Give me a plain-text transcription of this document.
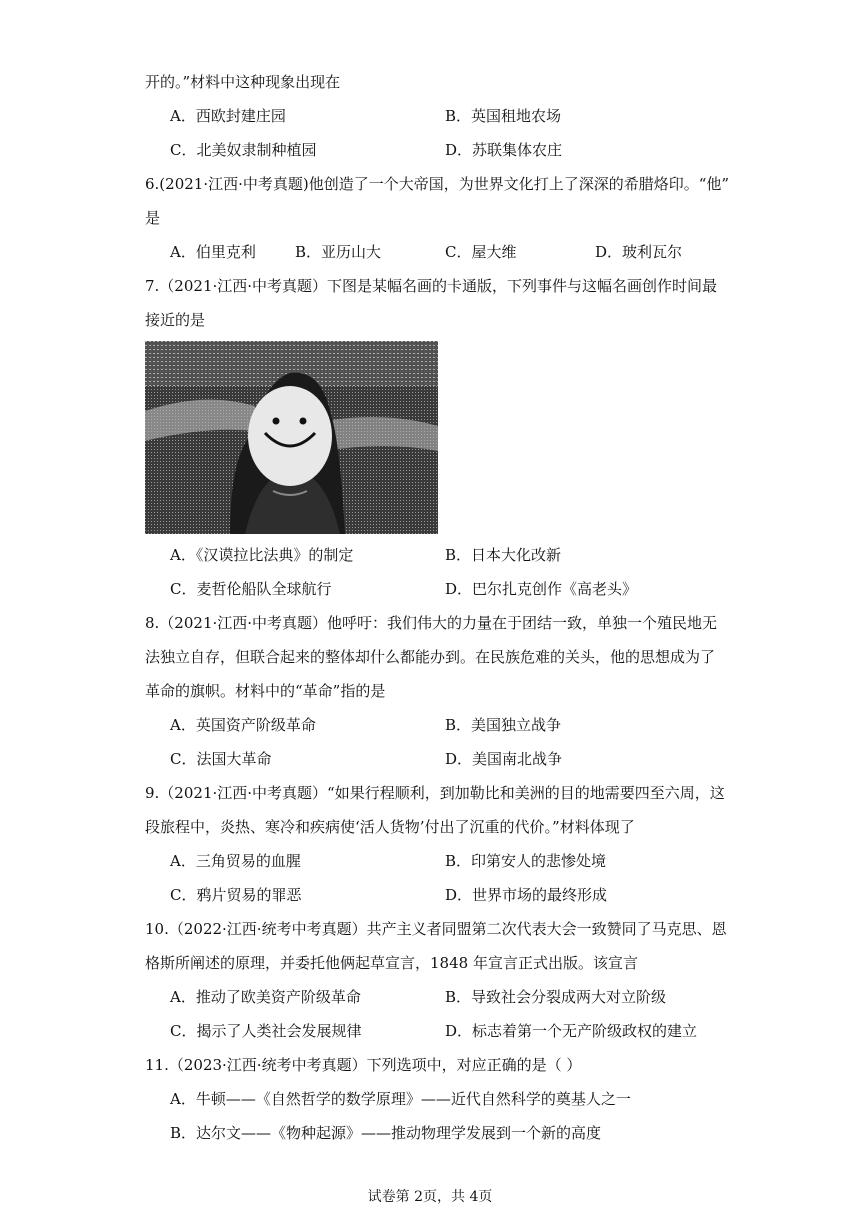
开的。”材料中这种现象出现在
A．西欧封建庄园	B．英国租地农场
C．北美奴隶制种植园	D．苏联集体农庄
6.(2021·江西·中考真题)他创造了一个大帝国，为世界文化打上了深深的希腊烙印。“他”
是
A．伯里克利	B．亚历山大	C．屋大维	D．玻利瓦尔
7.（2021·江西·中考真题）下图是某幅名画的卡通版，下列事件与这幅名画创作时间最
接近的是
A．《汉谟拉比法典》的制定	B．日本大化改新
C．麦哲伦船队全球航行	D．巴尔扎克创作《高老头》
8.（2021·江西·中考真题）他呼吁：我们伟大的力量在于团结一致，单独一个殖民地无
法独立自存，但联合起来的整体却什么都能办到。在民族危难的关头，他的思想成为了
革命的旗帜。材料中的“革命”指的是
A．英国资产阶级革命	B．美国独立战争
C．法国大革命	D．美国南北战争
9.（2021·江西·中考真题）“如果行程顺利，到加勒比和美洲的目的地需要四至六周，这
段旅程中，炎热、寒冷和疾病使‘活人货物’付出了沉重的代价。”材料体现了
A．三角贸易的血腥	B．印第安人的悲惨处境
C．鸦片贸易的罪恶	D．世界市场的最终形成
10.（2022·江西·统考中考真题）共产主义者同盟第二次代表大会一致赞同了马克思、恩
格斯所阐述的原理，并委托他俩起草宣言，1848 年宣言正式出版。该宣言
A．推动了欧美资产阶级革命	B．导致社会分裂成两大对立阶级
C．揭示了人类社会发展规律	D．标志着第一个无产阶级政权的建立
11.（2023·江西·统考中考真题）下列选项中，对应正确的是（ ）
A．牛顿——《自然哲学的数学原理》——近代自然科学的奠基人之一
B．达尔文——《物种起源》——推动物理学发展到一个新的高度
试卷第 2页，共 4页
